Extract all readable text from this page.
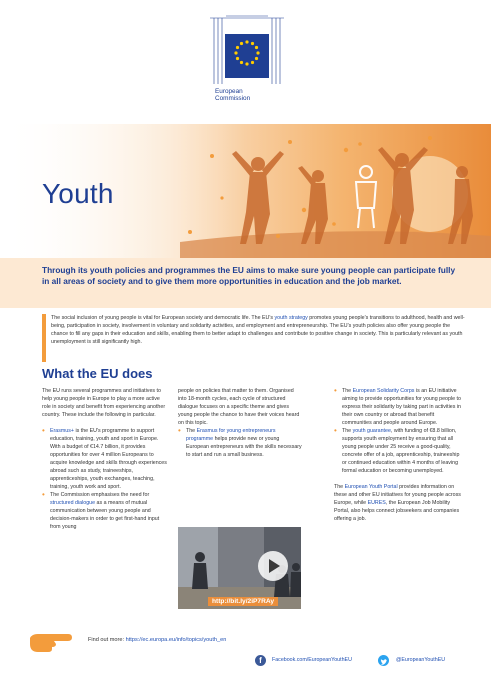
European
Commission
Youth

Through its youth policies and programmes the EU aims to make sure young people can participate fully in all areas of society and to give them more opportunities in education and the job market.

The social inclusion of young people is vital for European society and democratic life. The EU's youth strategy promotes young people's transitions to adulthood, health and well-being, participation in society, involvement in voluntary and solidarity activities, and employment and entrepreneurship. The EU's youth policies also offer young people the chance to fill any gaps in their education and skills, enabling them to better adapt to challenges and contribute to positive change in society. This is particularly relevant as youth unemployment is still significantly high.

What the EU does

The EU runs several programmes and initiatives to help young people in Europe to play a more active role in society and benefit from experiencing another country. These include the following in particular.

• Erasmus+ is the EU's programme to support education, training, youth and sport in Europe. With a budget of €14.7 billion, it provides opportunities for over 4 million Europeans to acquire knowledge and skills through experiences abroad such as study, traineeships, apprenticeships, youth exchanges, teaching, training, youth work and sport.

• The Commission emphasises the need for structured dialogue as a means of mutual communication between young people and decision-makers in order to get first-hand input from young

people on policies that matter to them. Organised into 18-month cycles, each cycle of structured dialogue focuses on a specific theme and gives young people the chance to have their voices heard on this topic.

• The Erasmus for young entrepreneurs programme helps provide new or young European entrepreneurs with the skills necessary to start and run a small business.

http://bit.ly/2iP7RAy

• The European Solidarity Corps is an EU initiative aiming to provide opportunities for young people to express their solidarity by taking part in activities in their own country or abroad that benefit communities and people around Europe.

• The youth guarantee, with funding of €8.8 billion, supports youth employment by ensuring that all young people under 25 receive a good-quality, concrete offer of a job, apprenticeship, traineeship or continued education within 4 months of leaving formal education or becoming unemployed.

The European Youth Portal provides information on these and other EU initiatives for young people across Europe, while EURES, the European Job Mobility Portal, also helps connect jobseekers and companies offering a job.

Find out more: https://ec.europa.eu/info/topics/youth_en

f	Facebook.com/EuropeanYouthEU	@EuropeanYouthEU
